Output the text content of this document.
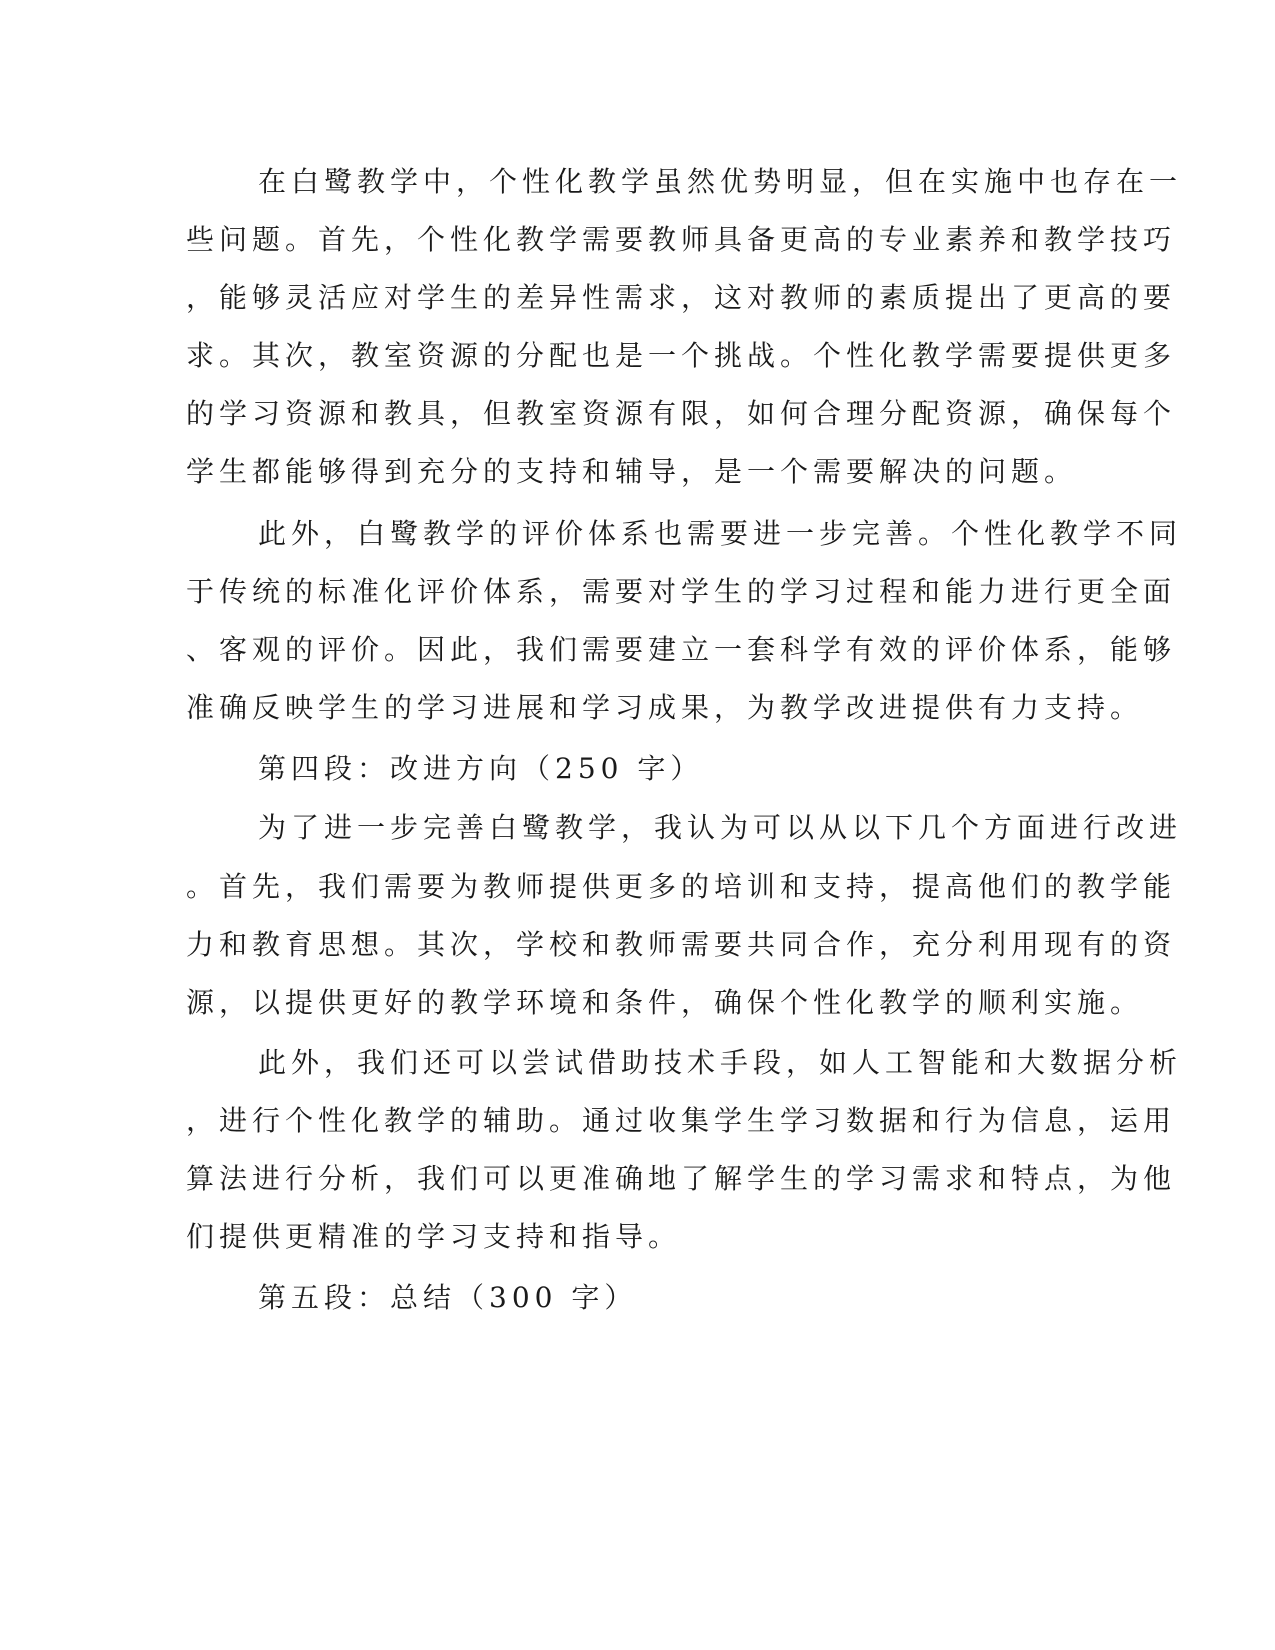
在白鹭教学中，个性化教学虽然优势明显，但在实施中也存在一
些问题。首先，个性化教学需要教师具备更高的专业素养和教学技巧
，能够灵活应对学生的差异性需求，这对教师的素质提出了更高的要
求。其次，教室资源的分配也是一个挑战。个性化教学需要提供更多
的学习资源和教具，但教室资源有限，如何合理分配资源，确保每个
学生都能够得到充分的支持和辅导，是一个需要解决的问题。
此外，白鹭教学的评价体系也需要进一步完善。个性化教学不同
于传统的标准化评价体系，需要对学生的学习过程和能力进行更全面
、客观的评价。因此，我们需要建立一套科学有效的评价体系，能够
准确反映学生的学习进展和学习成果，为教学改进提供有力支持。
第四段：改进方向（250 字）
为了进一步完善白鹭教学，我认为可以从以下几个方面进行改进
。首先，我们需要为教师提供更多的培训和支持，提高他们的教学能
力和教育思想。其次，学校和教师需要共同合作，充分利用现有的资
源，以提供更好的教学环境和条件，确保个性化教学的顺利实施。
此外，我们还可以尝试借助技术手段，如人工智能和大数据分析
，进行个性化教学的辅助。通过收集学生学习数据和行为信息，运用
算法进行分析，我们可以更准确地了解学生的学习需求和特点，为他
们提供更精准的学习支持和指导。
第五段：总结（300 字）
